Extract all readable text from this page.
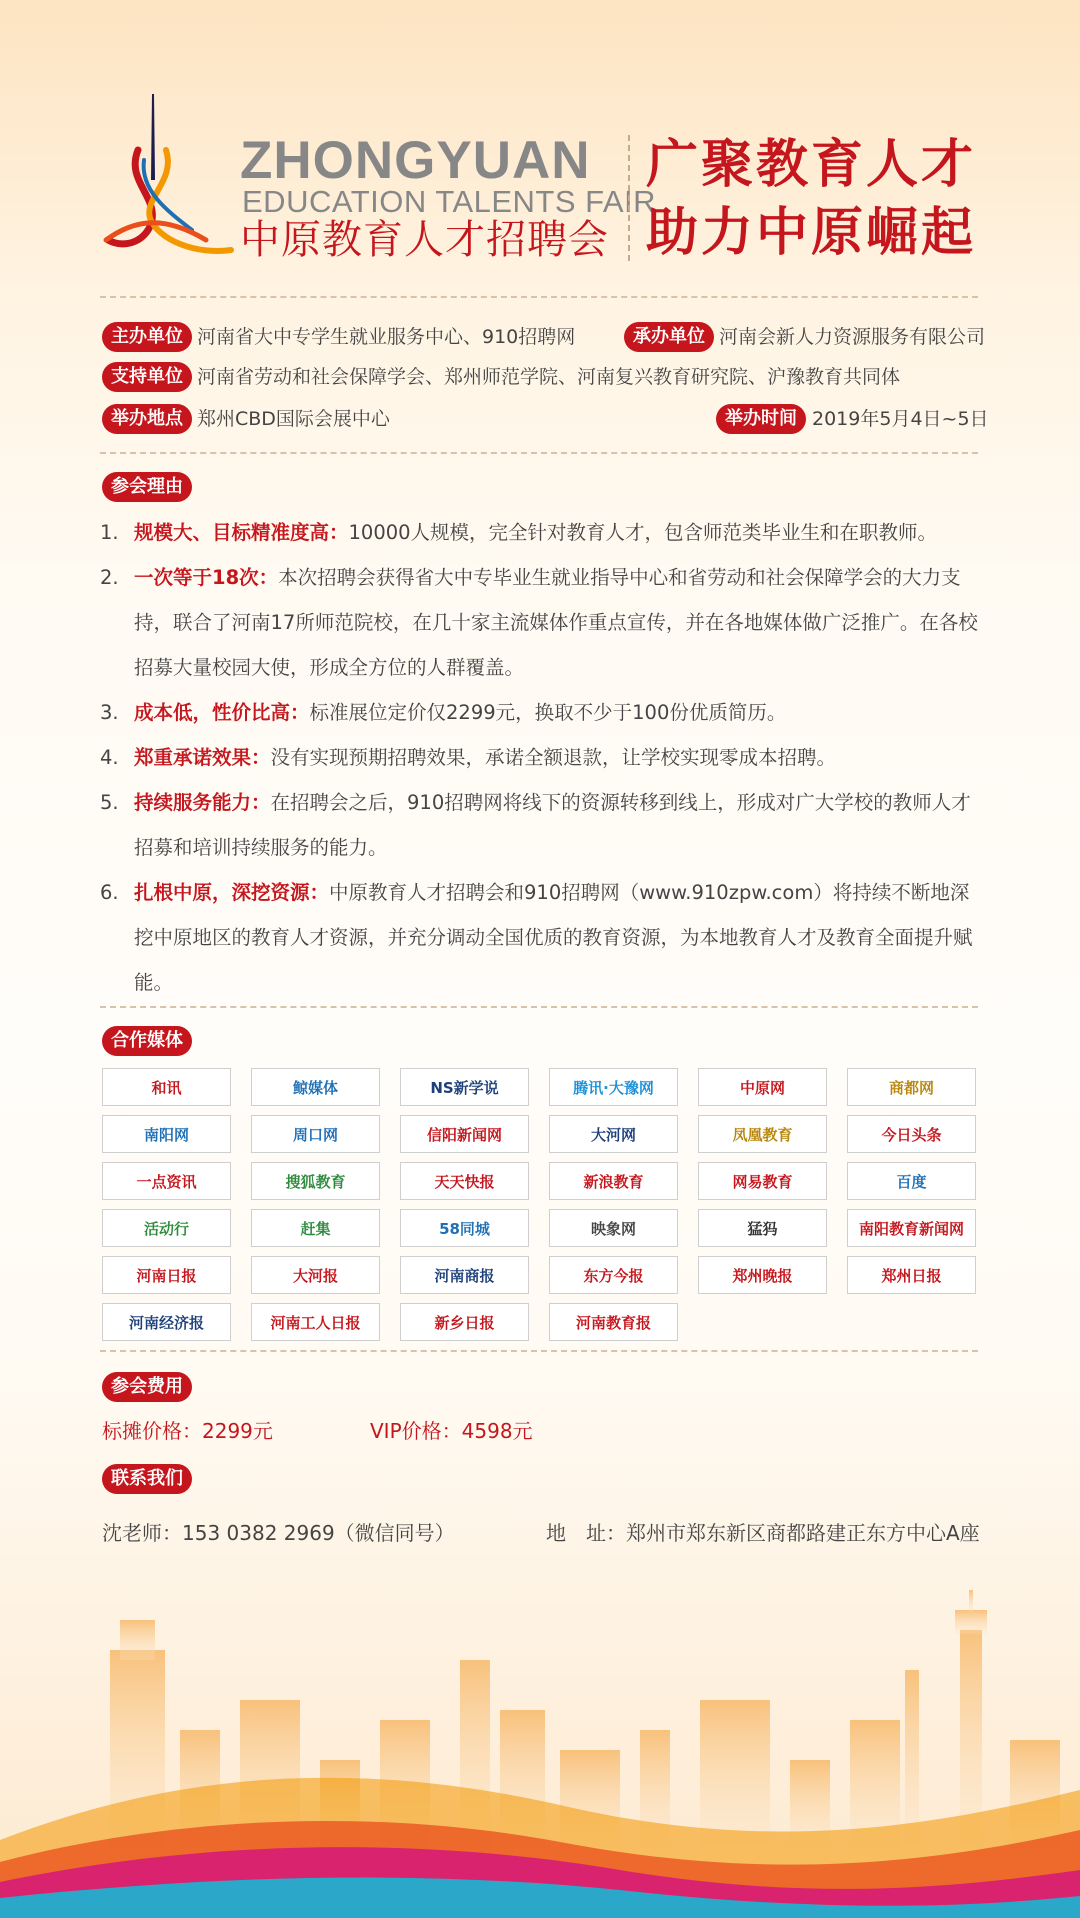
ZHONGYUAN
EDUCATION TALENTS FAIR
中原教育人才招聘会
广聚教育人才
助力中原崛起
主办单位 河南省大中专学生就业服务中心、910招聘网	承办单位 河南会新人力资源服务有限公司
支持单位 河南省劳动和社会保障学会、郑州师范学院、河南复兴教育研究院、沪豫教育共同体
举办地点 郑州CBD国际会展中心	举办时间 2019年5月4日~5日
参会理由
1. 规模大、目标精准度高：10000人规模，完全针对教育人才，包含师范类毕业生和在职教师。
2. 一次等于18次：本次招聘会获得省大中专毕业生就业指导中心和省劳动和社会保障学会的大力支持，联合了河南17所师范院校，在几十家主流媒体作重点宣传，并在各地媒体做广泛推广。在各校招募大量校园大使，形成全方位的人群覆盖。
3. 成本低，性价比高：标准展位定价仅2299元，换取不少于100份优质简历。
4. 郑重承诺效果：没有实现预期招聘效果，承诺全额退款，让学校实现零成本招聘。
5. 持续服务能力：在招聘会之后，910招聘网将线下的资源转移到线上，形成对广大学校的教师人才招募和培训持续服务的能力。
6. 扎根中原，深挖资源：中原教育人才招聘会和910招聘网（www.910zpw.com）将持续不断地深挖中原地区的教育人才资源，并充分调动全国优质的教育资源，为本地教育人才及教育全面提升赋能。
合作媒体
和讯	鲸媒体	NS新学说	腾讯·大豫网	中原网	商都网
南阳网	周口网	信阳新闻网	大河网	凤凰教育	今日头条
一点资讯	搜狐教育	天天快报	新浪教育	网易教育	百度
活动行	赶集	58同城	映象网	猛犸	南阳教育新闻网
河南日报	大河报	河南商报	东方今报	郑州晚报	郑州日报
河南经济报	河南工人日报	新乡日报	河南教育报
参会费用
标摊价格：2299元	VIP价格：4598元
联系我们
沈老师：153 0382 2969（微信同号）	地　址：郑州市郑东新区商都路建正东方中心A座
